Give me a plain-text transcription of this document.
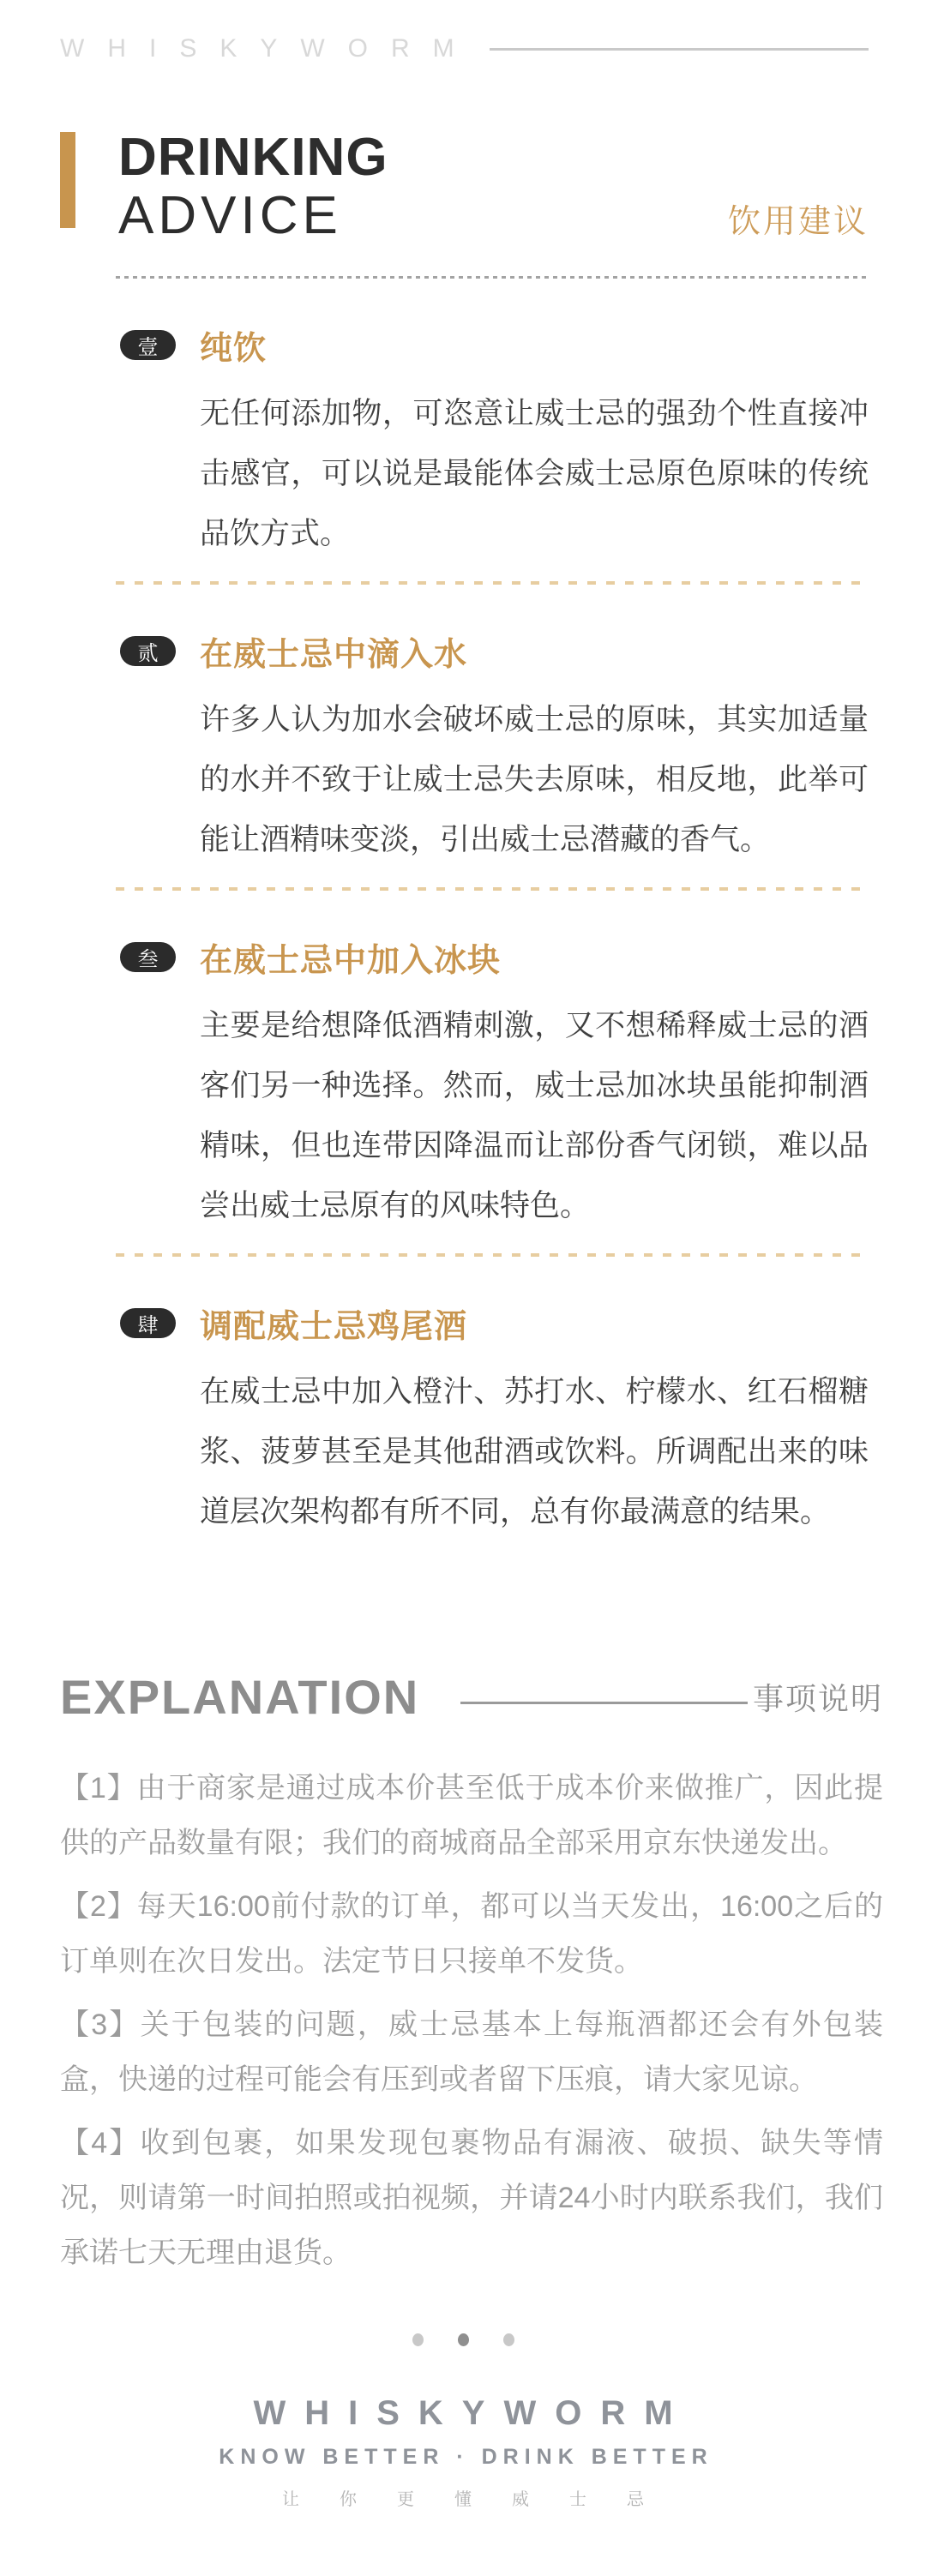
WHISKYWORM
DRINKING
ADVICE	饮用建议
壹	纯饮

无任何添加物，可恣意让威士忌的强劲个性直接冲击感官，可以说是最能体会威士忌原色原味的传统品饮方式。

贰	在威士忌中滴入水

许多人认为加水会破坏威士忌的原味，其实加适量的水并不致于让威士忌失去原味，相反地，此举可能让酒精味变淡，引出威士忌潜藏的香气。

叁	在威士忌中加入冰块

主要是给想降低酒精刺激，又不想稀释威士忌的酒客们另一种选择。然而，威士忌加冰块虽能抑制酒精味，但也连带因降温而让部份香气闭锁，难以品尝出威士忌原有的风味特色。

肆	调配威士忌鸡尾酒

在威士忌中加入橙汁、苏打水、柠檬水、红石榴糖浆、菠萝甚至是其他甜酒或饮料。所调配出来的味道层次架构都有所不同，总有你最满意的结果。

EXPLANATION	事项说明

【1】由于商家是通过成本价甚至低于成本价来做推广，因此提供的产品数量有限；我们的商城商品全部采用京东快递发出。

【2】每天16:00前付款的订单，都可以当天发出，16:00之后的订单则在次日发出。法定节日只接单不发货。

【3】关于包装的问题，威士忌基本上每瓶酒都还会有外包装盒，快递的过程可能会有压到或者留下压痕，请大家见谅。

【4】收到包裹，如果发现包裹物品有漏液、破损、缺失等情况，则请第一时间拍照或拍视频，并请24小时内联系我们，我们承诺七天无理由退货。

WHISKYWORM
KNOW BETTER · DRINK BETTER
让你更懂威士忌
